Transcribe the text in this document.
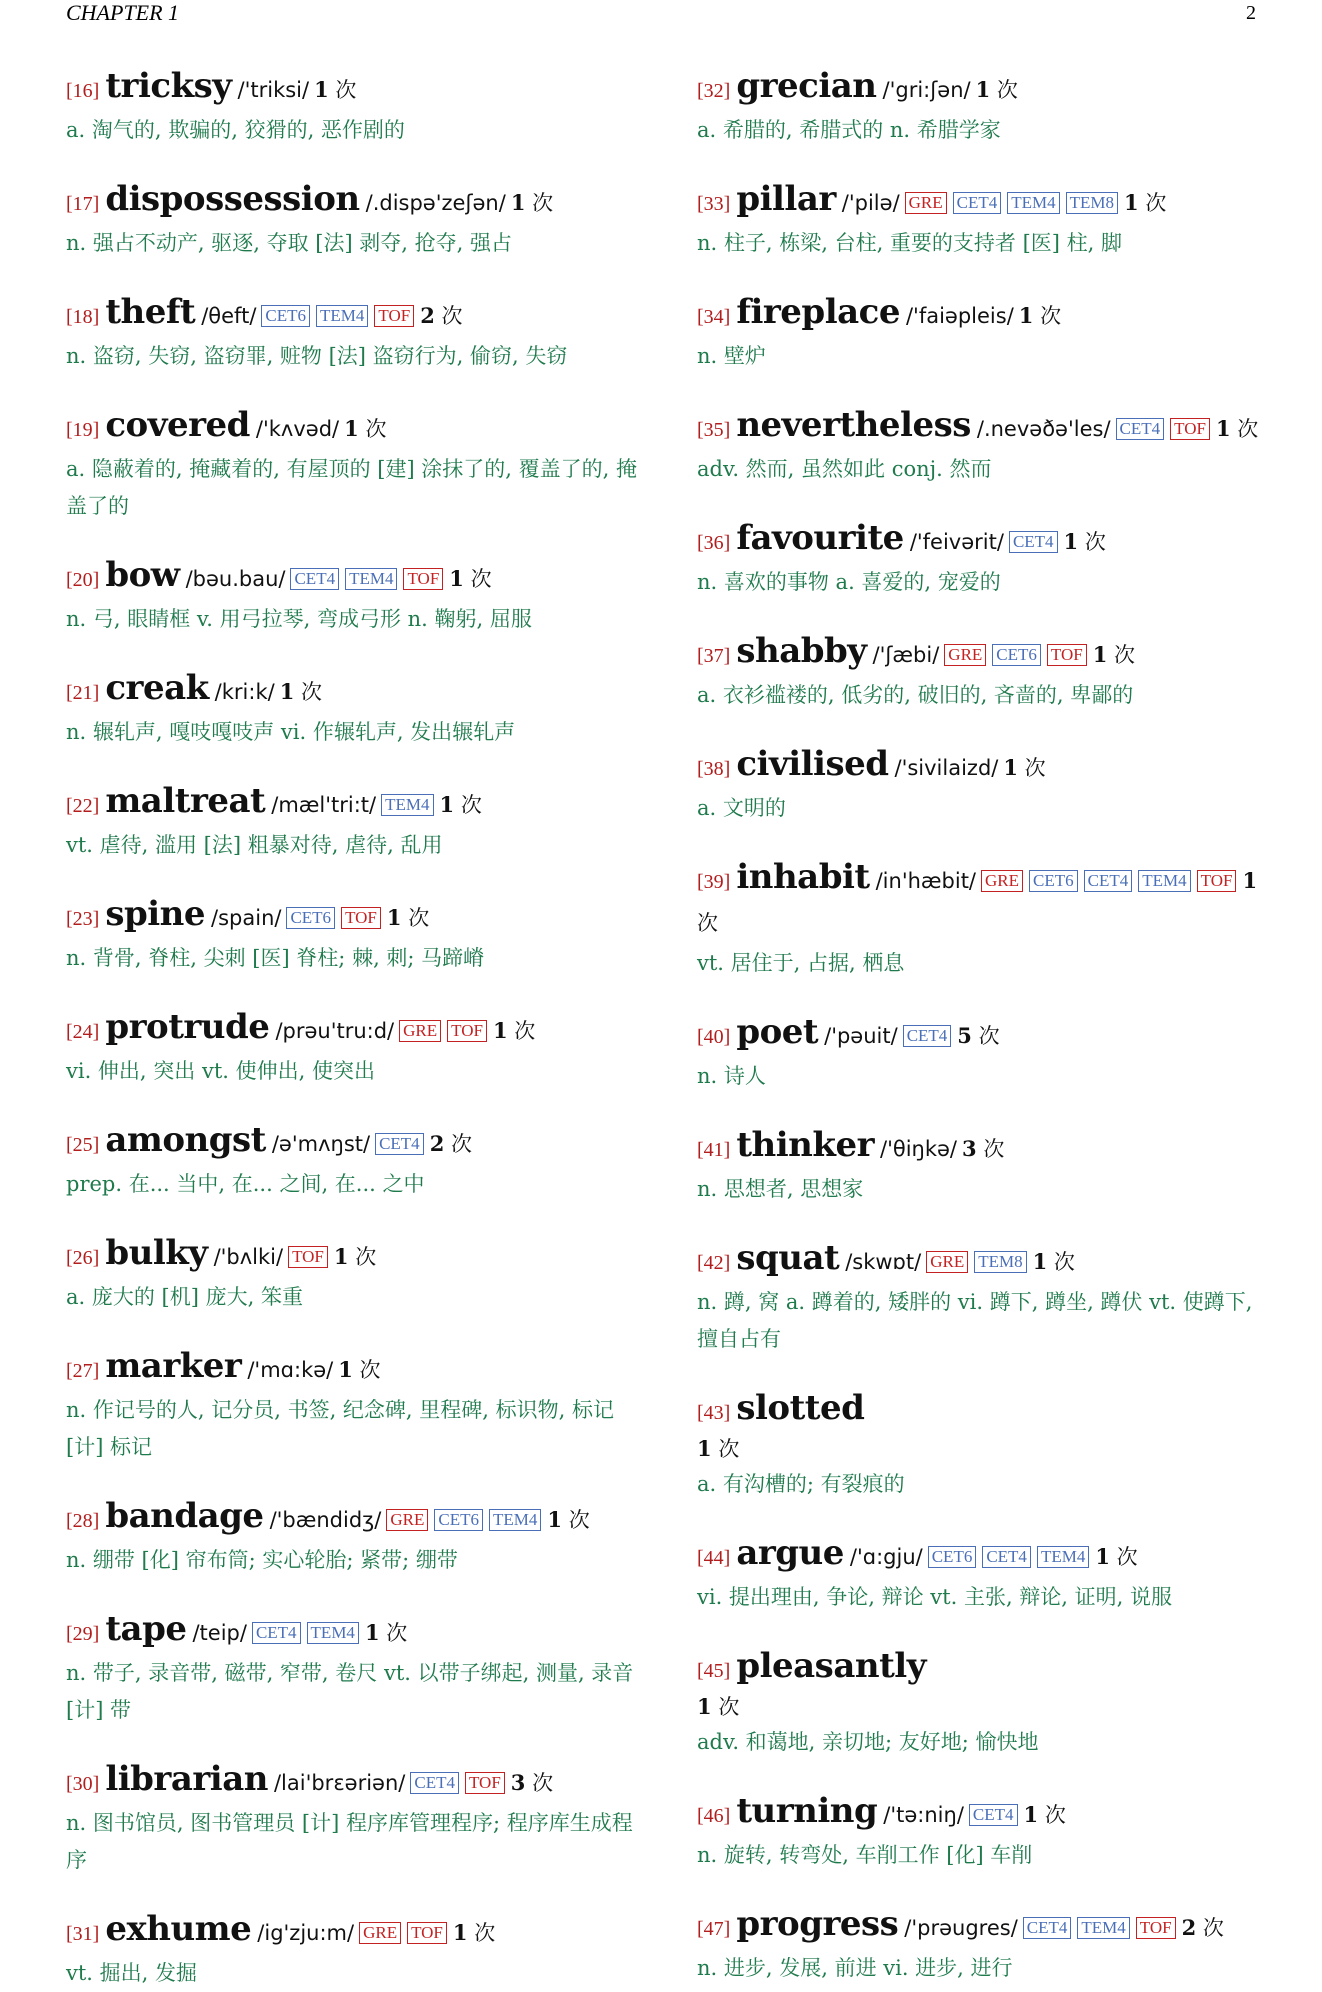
CHAPTER 1	2
[16] tricksy /'triksi/ 1 次
a. 淘气的, 欺骗的, 狡猾的, 恶作剧的
[17] dispossession /.dispə'zeʃən/ 1 次
n. 强占不动产, 驱逐, 夺取 [法] 剥夺, 抢夺, 强占
[18] theft /θeft/ CET6 TEM4 TOF 2 次
n. 盗窃, 失窃, 盗窃罪, 赃物 [法] 盗窃行为, 偷窃, 失窃
[19] covered /'kʌvəd/ 1 次
a. 隐蔽着的, 掩藏着的, 有屋顶的 [建] 涂抹了的, 覆盖了的, 掩盖了的
[20] bow /bəu.bau/ CET4 TEM4 TOF 1 次
n. 弓, 眼睛框 v. 用弓拉琴, 弯成弓形 n. 鞠躬, 屈服
[21] creak /kri:k/ 1 次
n. 辗轧声, 嘎吱嘎吱声 vi. 作辗轧声, 发出辗轧声
[22] maltreat /mæl'tri:t/ TEM4 1 次
vt. 虐待, 滥用 [法] 粗暴对待, 虐待, 乱用
[23] spine /spain/ CET6 TOF 1 次
n. 背骨, 脊柱, 尖刺 [医] 脊柱; 棘, 刺; 马蹄嵴
[24] protrude /prəu'tru:d/ GRE TOF 1 次
vi. 伸出, 突出 vt. 使伸出, 使突出
[25] amongst /ə'mʌŋst/ CET4 2 次
prep. 在... 当中, 在... 之间, 在... 之中
[26] bulky /'bʌlki/ TOF 1 次
a. 庞大的 [机] 庞大, 笨重
[27] marker /'mɑ:kə/ 1 次
n. 作记号的人, 记分员, 书签, 纪念碑, 里程碑, 标识物, 标记 [计] 标记
[28] bandage /'bændidʒ/ GRE CET6 TEM4 1 次
n. 绷带 [化] 帘布筒; 实心轮胎; 紧带; 绷带
[29] tape /teip/ CET4 TEM4 1 次
n. 带子, 录音带, 磁带, 窄带, 卷尺 vt. 以带子绑起, 测量, 录音 [计] 带
[30] librarian /lai'brɛəriən/ CET4 TOF 3 次
n. 图书馆员, 图书管理员 [计] 程序库管理程序; 程序库生成程序
[31] exhume /ig'zju:m/ GRE TOF 1 次
vt. 掘出, 发掘
[32] grecian /'gri:ʃən/ 1 次
a. 希腊的, 希腊式的 n. 希腊学家
[33] pillar /'pilə/ GRE CET4 TEM4 TEM8 1 次
n. 柱子, 栋梁, 台柱, 重要的支持者 [医] 柱, 脚
[34] fireplace /'faiəpleis/ 1 次
n. 壁炉
[35] nevertheless /.nevəðə'les/ CET4 TOF 1 次
adv. 然而, 虽然如此 conj. 然而
[36] favourite /'feivərit/ CET4 1 次
n. 喜欢的事物 a. 喜爱的, 宠爱的
[37] shabby /'ʃæbi/ GRE CET6 TOF 1 次
a. 衣衫褴褛的, 低劣的, 破旧的, 吝啬的, 卑鄙的
[38] civilised /'sivilaizd/ 1 次
a. 文明的
[39] inhabit /in'hæbit/ GRE CET6 CET4 TEM4 TOF 1 次
vt. 居住于, 占据, 栖息
[40] poet /'pəuit/ CET4 5 次
n. 诗人
[41] thinker /'θiŋkə/ 3 次
n. 思想者, 思想家
[42] squat /skwɒt/ GRE TEM8 1 次
n. 蹲, 窝 a. 蹲着的, 矮胖的 vi. 蹲下, 蹲坐, 蹲伏 vt. 使蹲下, 擅自占有
[43] slotted
1 次
a. 有沟槽的; 有裂痕的
[44] argue /'ɑ:gju/ CET6 CET4 TEM4 1 次
vi. 提出理由, 争论, 辩论 vt. 主张, 辩论, 证明, 说服
[45] pleasantly
1 次
adv. 和蔼地, 亲切地; 友好地; 愉快地
[46] turning /'tə:niŋ/ CET4 1 次
n. 旋转, 转弯处, 车削工作 [化] 车削
[47] progress /'prəugres/ CET4 TEM4 TOF 2 次
n. 进步, 发展, 前进 vi. 进步, 进行
